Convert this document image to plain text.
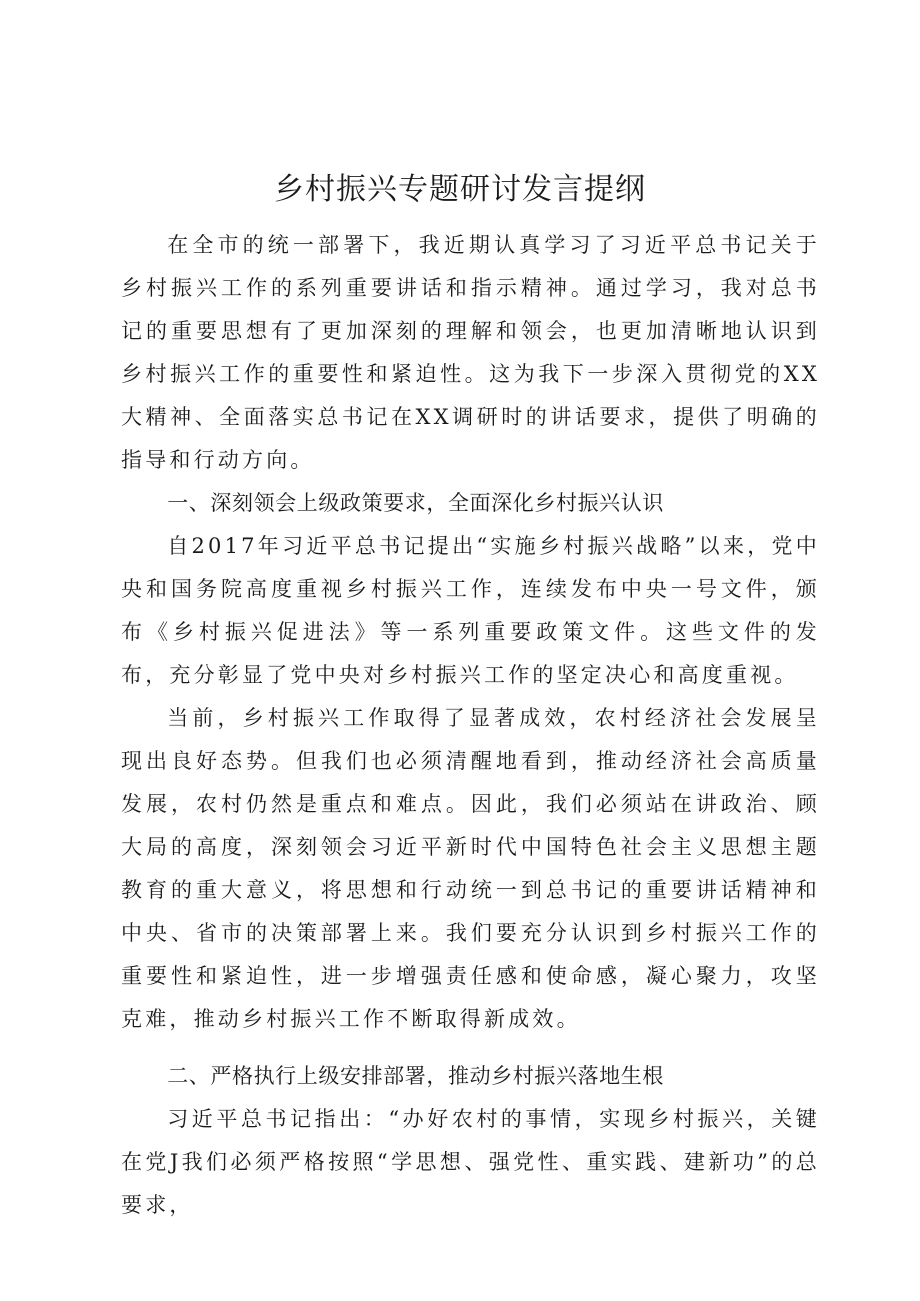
乡村振兴专题研讨发言提纲

在全市的统一部署下，我近期认真学习了习近平总书记关于乡村振兴工作的系列重要讲话和指示精神。通过学习，我对总书记的重要思想有了更加深刻的理解和领会，也更加清晰地认识到乡村振兴工作的重要性和紧迫性。这为我下一步深入贯彻党的XX大精神、全面落实总书记在XX调研时的讲话要求，提供了明确的指导和行动方向。

一、深刻领会上级政策要求，全面深化乡村振兴认识

自2017年习近平总书记提出“实施乡村振兴战略”以来，党中央和国务院高度重视乡村振兴工作，连续发布中央一号文件，颁布《乡村振兴促进法》等一系列重要政策文件。这些文件的发布，充分彰显了党中央对乡村振兴工作的坚定决心和高度重视。

当前，乡村振兴工作取得了显著成效，农村经济社会发展呈现出良好态势。但我们也必须清醒地看到，推动经济社会高质量发展，农村仍然是重点和难点。因此，我们必须站在讲政治、顾大局的高度，深刻领会习近平新时代中国特色社会主义思想主题教育的重大意义，将思想和行动统一到总书记的重要讲话精神和中央、省市的决策部署上来。我们要充分认识到乡村振兴工作的重要性和紧迫性，进一步增强责任感和使命感，凝心聚力，攻坚克难，推动乡村振兴工作不断取得新成效。

二、严格执行上级安排部署，推动乡村振兴落地生根

习近平总书记指出：“办好农村的事情，实现乡村振兴，关键在党J我们必须严格按照“学思想、强党性、重实践、建新功”的总要求，
